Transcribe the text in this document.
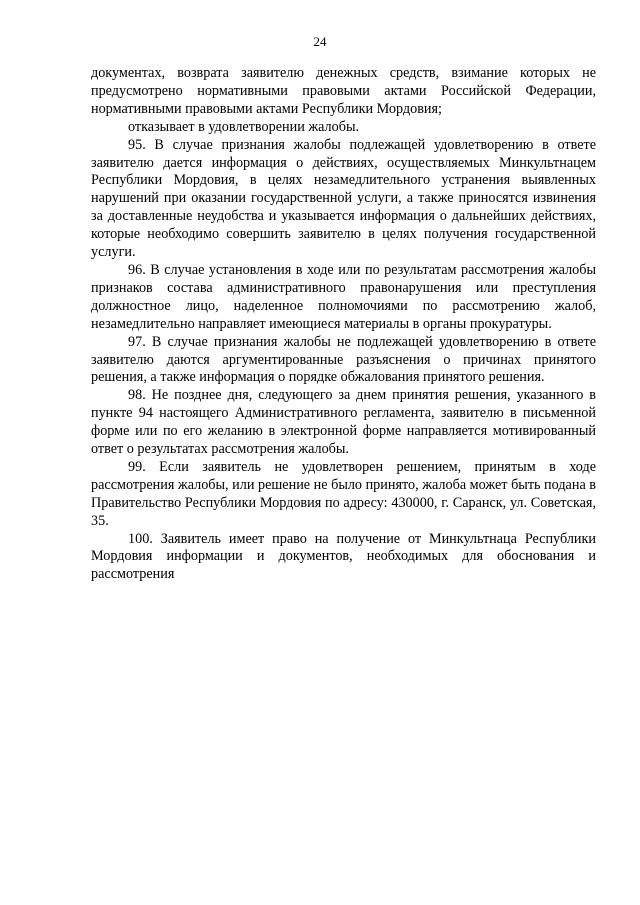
24

документах, возврата заявителю денежных средств, взимание которых не предусмотрено нормативными правовыми актами Российской Федерации, нормативными правовыми актами Республики Мордовия;

отказывает в удовлетворении жалобы.

95. В случае признания жалобы подлежащей удовлетворению в ответе заявителю дается информация о действиях, осуществляемых Минкультнацем Республики Мордовия, в целях незамедлительного устранения выявленных нарушений при оказании государственной услуги, а также приносятся извинения за доставленные неудобства и указывается информация о дальнейших действиях, которые необходимо совершить заявителю в целях получения государственной услуги.

96. В случае установления в ходе или по результатам рассмотрения жалобы признаков состава административного правонарушения или преступления должностное лицо, наделенное полномочиями по рассмотрению жалоб, незамедлительно направляет имеющиеся материалы в органы прокуратуры.

97. В случае признания жалобы не подлежащей удовлетворению в ответе заявителю даются аргументированные разъяснения о причинах принятого решения, а также информация о порядке обжалования принятого решения.

98. Не позднее дня, следующего за днем принятия решения, указанного в пункте 94 настоящего Административного регламента, заявителю в письменной форме или по его желанию в электронной форме направляется мотивированный ответ о результатах рассмотрения жалобы.

99. Если заявитель не удовлетворен решением, принятым в ходе рассмотрения жалобы, или решение не было принято, жалоба может быть подана в Правительство Республики Мордовия по адресу: 430000, г. Саранск, ул. Советская, 35.

100. Заявитель имеет право на получение от Минкультнаца Республики Мордовия информации и документов, необходимых для обоснования и рассмотрения
